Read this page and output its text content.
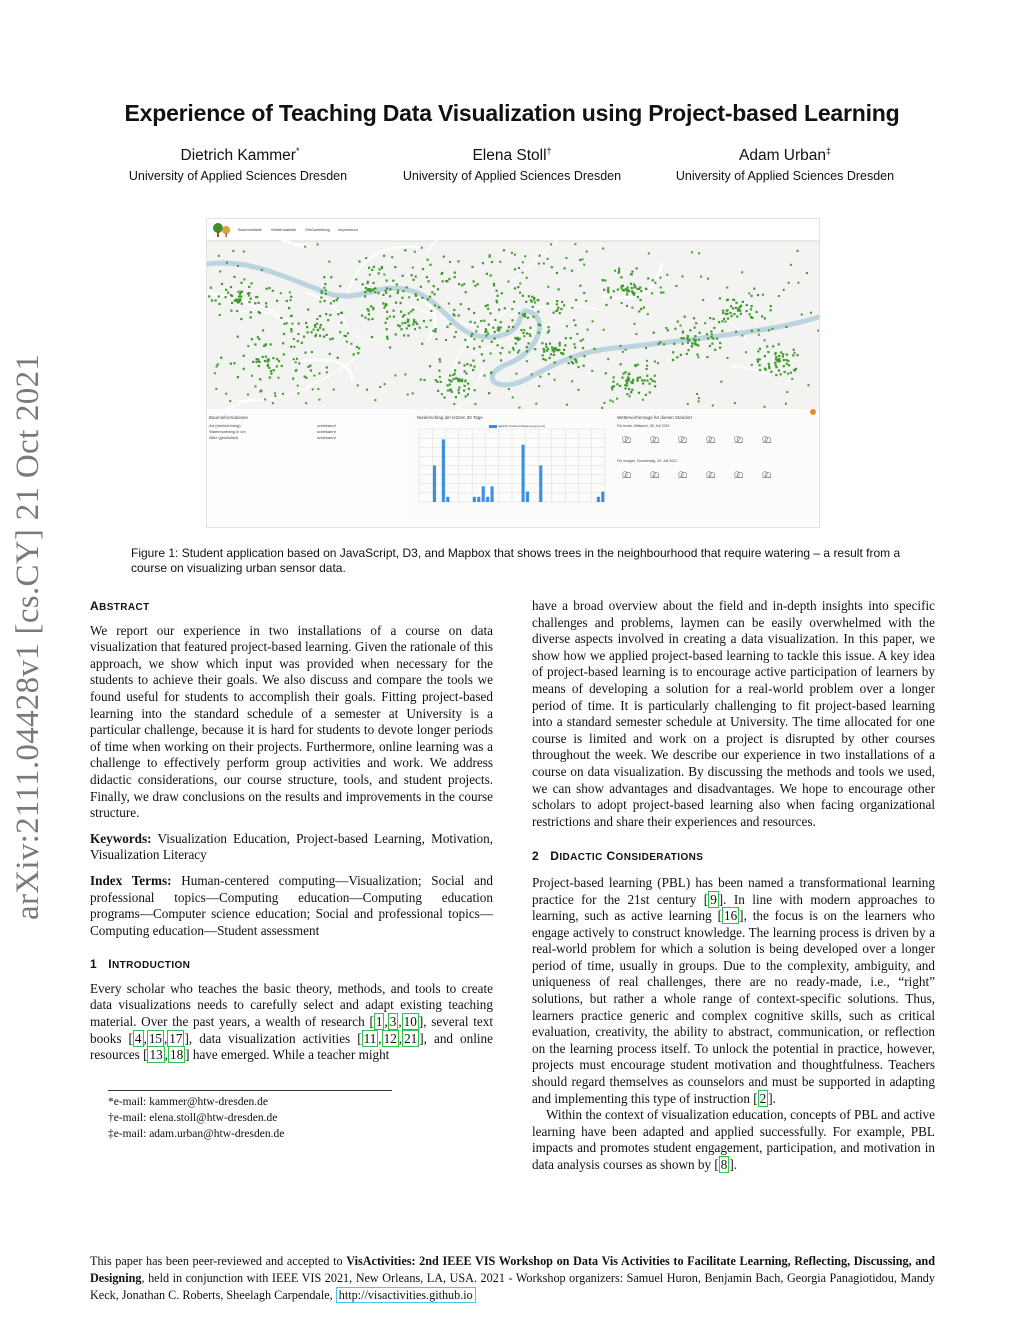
Experience of Teaching Data Visualization using Project-based Learning
Dietrich Kammer*	Elena Stoll†	Adam Urban‡
University of Applied Sciences Dresden	University of Applied Sciences Dresden	University of Applied Sciences Dresden
arXiv:2111.04428v1 [cs.CY] 21 Oct 2021
Baumstatistik Wetterstatistik Gießanleitung Impressum
Bauminformationen
Art (deutsch/lang)	unbekannt
Stammumfang in cm	unbekannt
Alter (geschätzt)	unbekannt
Niederschlag der letzten 30 Tage
tägliche Niederschlagsmenge (mm)
Wettervorhersage für diesen Standort
Für heute, Mittwoch, 28. Juli 2021
Für morgen, Donnerstag, 29. Juli 2021
Figure 1: Student application based on JavaScript, D3, and Mapbox that shows trees in the neighbourhood that require watering – a result from a course on visualizing urban sensor data.
ABSTRACT

We report our experience in two installations of a course on data visualization that featured project-based learning. Given the rationale of this approach, we show which input was provided when necessary for the students to achieve their goals. We also discuss and compare the tools we found useful for students to accomplish their goals. Fitting project-based learning into the standard schedule of a semester at University is a particular challenge, because it is hard for students to devote longer periods of time when working on their projects. Furthermore, online learning was a challenge to effectively perform group activities and work. We address didactic considerations, our course structure, tools, and student projects. Finally, we draw conclusions on the results and improvements in the course structure.

Keywords: Visualization Education, Project-based Learning, Motivation, Visualization Literacy

Index Terms: Human-centered computing—Visualization; Social and professional topics—Computing education—Computing education programs—Computer science education; Social and professional topics—Computing education—Student assessment

1 INTRODUCTION

Every scholar who teaches the basic theory, methods, and tools to create data visualizations needs to carefully select and adapt existing teaching material. Over the past years, a wealth of research [ 1 , 3 , 10 ], several text books [ 4 , 15 , 17 ], data visualization activities [ 11 , 12 , 21 ], and online resources [ 13 , 18 ] have emerged. While a teacher might

*e-mail: kammer@htw-dresden.de
†e-mail: elena.stoll@htw-dresden.de
‡e-mail: adam.urban@htw-dresden.de

have a broad overview about the field and in-depth insights into specific challenges and problems, laymen can be easily overwhelmed with the diverse aspects involved in creating a data visualization. In this paper, we show how we applied project-based learning to tackle this issue. A key idea of project-based learning is to encourage active participation of learners by means of developing a solution for a real-world problem over a longer period of time. It is particularly challenging to fit project-based learning into a standard semester schedule at University. The time allocated for one course is limited and work on a project is disrupted by other courses throughout the week. We describe our experience in two installations of a course on data visualization. By discussing the methods and tools we used, we can show advantages and disadvantages. We hope to encourage other scholars to adopt project-based learning also when facing organizational restrictions and share their experiences and resources.

2 DIDACTIC CONSIDERATIONS

Project-based learning (PBL) has been named a transformational learning practice for the 21st century [ 9 ]. In line with modern approaches to learning, such as active learning [ 16 ], the focus is on the learners who engage actively to construct knowledge. The learning process is driven by a real-world problem for which a solution is being developed over a longer period of time, usually in groups. Due to the complexity, ambiguity, and uniqueness of real challenges, there are no ready-made, i.e., “right” solutions, but rather a whole range of context-specific solutions. Thus, learners practice generic and complex cognitive skills, such as critical evaluation, creativity, the ability to abstract, communication, or reflection on the learning process itself. To unlock the potential in practice, however, projects must encourage student motivation and thoughtfulness. Teachers should regard themselves as counselors and must be supported in adapting and implementing this type of instruction [ 2 ].

Within the context of visualization education, concepts of PBL and active learning have been adapted and applied successfully. For example, PBL impacts and promotes student engagement, participation, and motivation in data analysis courses as shown by [ 8 ].

This paper has been peer-reviewed and accepted to VisActivities: 2nd IEEE VIS Workshop on Data Vis Activities to Facilitate Learning, Reflecting, Discussing, and Designing, held in conjunction with IEEE VIS 2021, New Orleans, LA, USA. 2021 - Workshop organizers: Samuel Huron, Benjamin Bach, Georgia Panagiotidou, Mandy Keck, Jonathan C. Roberts, Sheelagh Carpendale, http://visactivities.github.io
